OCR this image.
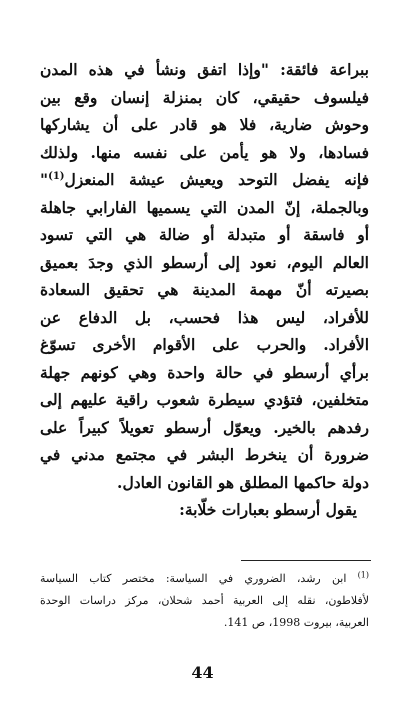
ببراعة فائقة: "وإذا اتفق ونشأ في هذه المدن
فيلسوف حقيقي، كان بمنزلة إنسان وقع بين
وحوش ضارية، فلا هو قادر على أن يشاركها
فسادها، ولا هو يأمن على نفسه منها. ولذلك
فإنه يفضل التوحد ويعيش عيشة المنعزل$^{(1)}$"
وبالجملة، إنّ المدن التي يسميها الفارابي جاهلة
أو فاسقة أو متبدلة أو ضالة هي التي تسود
العالم اليوم، نعود إلى أرسطو الذي وجدَ بعميق
بصيرته أنّ مهمة المدينة هي تحقيق السعادة
للأفراد، ليس هذا فحسب، بل الدفاع عن
الأفراد. والحرب على الأقوام الأخرى تسوّغ
برأي أرسطو في حالة واحدة وهي كونهم جهلة
متخلفين، فتؤدي سيطرة شعوب راقية عليهم إلى
رفدهم بالخير. ويعوّل أرسطو تعويلاً كبيراً على
ضرورة أن ينخرط البشر في مجتمع مدني في
دولة حاكمها المطلق هو القانون العادل.
يقول أرسطو بعبارات خلّابة:
$^{(1)}$ ابن رشد، الضروري في السياسة: مختصر كتاب السياسة
لأفلاطون، نقله إلى العربية أحمد شحلان، مركز دراسات الوحدة
العربية، بيروت 1998، ص 141.
44
